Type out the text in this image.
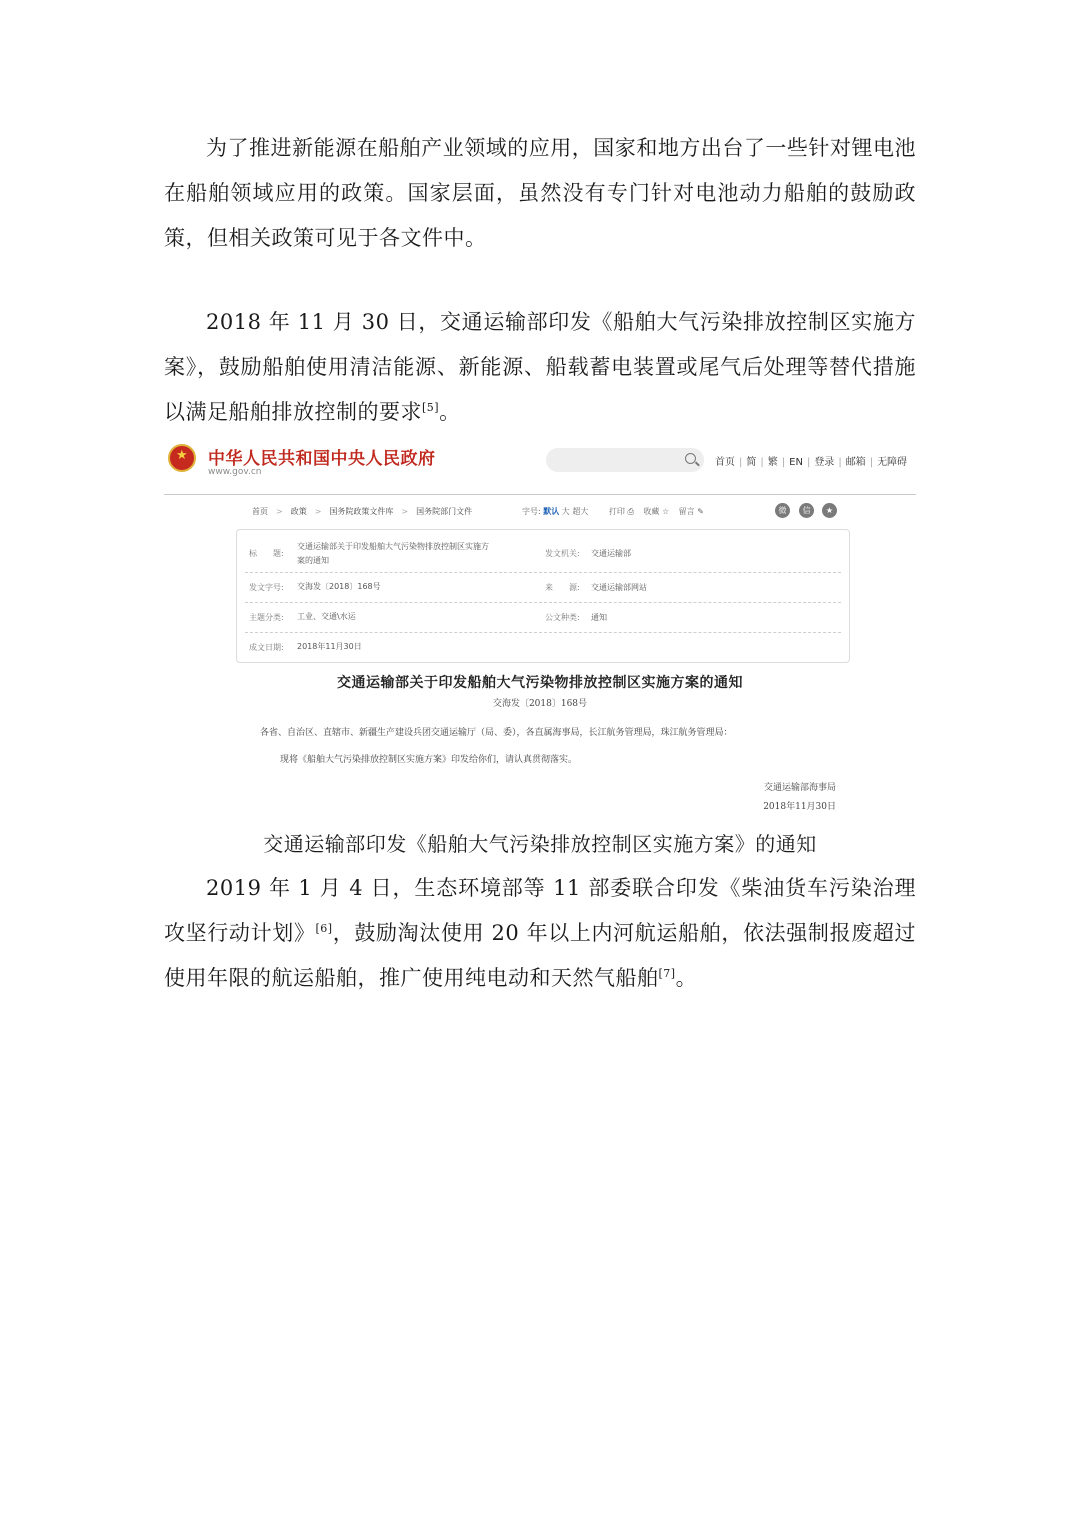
为了推进新能源在船舶产业领域的应用，国家和地方出台了一些针对锂电池在船舶领域应用的政策。国家层面，虽然没有专门针对电池动力船舶的鼓励政策，但相关政策可见于各文件中。

2018 年 11 月 30 日，交通运输部印发《船舶大气污染排放控制区实施方案》，鼓励船舶使用清洁能源、新能源、船载蓄电装置或尾气后处理等替代措施以满足船舶排放控制的要求[5]。

★
中华人民共和国中央人民政府
www.gov.cn
首页 | 简 | 繁 | EN | 登录 | 邮箱 | 无障碍
首页 > 政策 > 国务院政策文件库 > 国务院部门文件	字号: 默认 大 超大	打印 ⎙ 收藏 ☆ 留言 ✎	微	信	★
标　　题:
交通运输部关于印发船舶大气污染物排放控制区实施方案的通知
发文机关: 交通运输部
发文字号: 交海发〔2018〕168号	来　　源: 交通运输部网站
主题分类: 工业、交通\水运	公文种类: 通知
成文日期: 2018年11月30日
交通运输部关于印发船舶大气污染物排放控制区实施方案的通知
交海发〔2018〕168号
各省、自治区、直辖市、新疆生产建设兵团交通运输厅（局、委），各直属海事局，长江航务管理局，珠江航务管理局：
现将《船舶大气污染排放控制区实施方案》印发给你们，请认真贯彻落实。
交通运输部海事局
2018年11月30日
交通运输部印发《船舶大气污染排放控制区实施方案》的通知

2019 年 1 月 4 日，生态环境部等 11 部委联合印发《柴油货车污染治理攻坚行动计划》[6]，鼓励淘汰使用 20 年以上内河航运船舶，依法强制报废超过使用年限的航运船舶，推广使用纯电动和天然气船舶[7]。
